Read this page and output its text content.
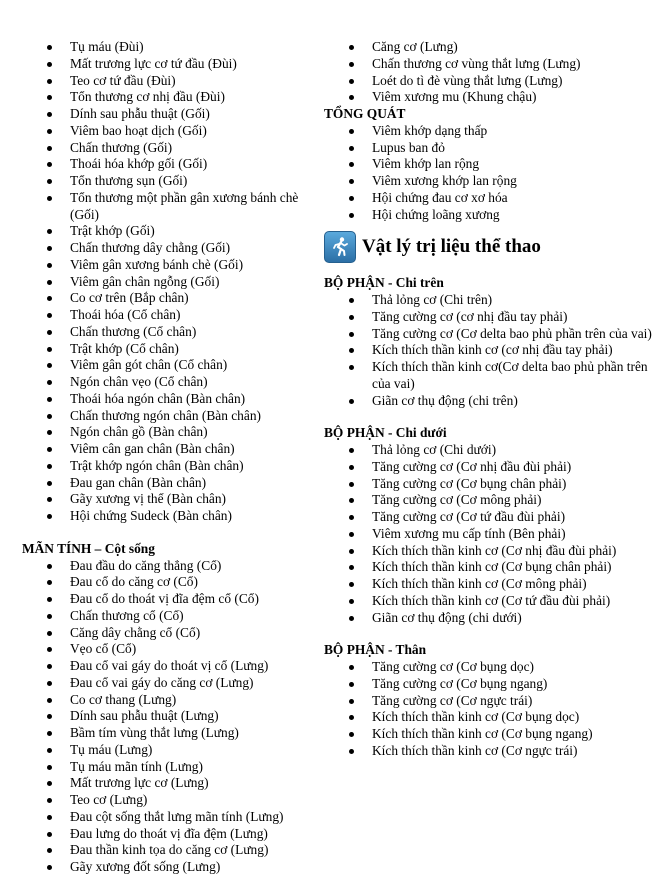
Tụ máu (Đùi)
Mất trương lực cơ tứ đầu (Đùi)
Teo cơ tứ đầu (Đùi)
Tổn thương cơ nhị đầu (Đùi)
Dính sau phẫu thuật (Gối)
Viêm bao hoạt dịch (Gối)
Chấn thương (Gối)
Thoái hóa khớp gối (Gối)
Tổn thương sụn (Gối)
Tổn thương một phần gân xương bánh chè (Gối)
Trật khớp (Gối)
Chấn thương dây chằng (Gối)
Viêm gân xương bánh chè (Gối)
Viêm gân chân ngỗng (Gối)
Co cơ trên (Bắp chân)
Thoái hóa (Cổ chân)
Chấn thương (Cổ chân)
Trật khớp (Cổ chân)
Viêm gân gót chân (Cổ chân)
Ngón chân vẹo (Cổ chân)
Thoái hóa ngón chân (Bàn chân)
Chấn thương ngón chân (Bàn chân)
Ngón chân gồ (Bàn chân)
Viêm cân gan chân (Bàn chân)
Trật khớp ngón chân (Bàn chân)
Đau gan chân (Bàn chân)
Gãy xương vị thể (Bàn chân)
Hội chứng Sudeck (Bàn chân)
MÃN TÍNH – Cột sống
Đau đầu do căng thẳng (Cổ)
Đau cổ do căng cơ (Cổ)
Đau cổ do thoát vị đĩa đệm cổ (Cổ)
Chấn thương cổ (Cổ)
Căng dây chằng cổ (Cổ)
Vẹo cổ (Cổ)
Đau cổ vai gáy do thoát vị cổ (Lưng)
Đau cổ vai gáy do căng cơ (Lưng)
Co cơ thang (Lưng)
Dính sau phẫu thuật (Lưng)
Bầm tím vùng thắt lưng (Lưng)
Tụ máu (Lưng)
Tụ máu mãn tính (Lưng)
Mất trương lực cơ (Lưng)
Teo cơ (Lưng)
Đau cột sống thắt lưng mãn tính (Lưng)
Đau lưng do thoát vị đĩa đệm (Lưng)
Đau thần kinh tọa do căng cơ (Lưng)
Gãy xương đốt sống (Lưng)
Căng cơ (Lưng)
Chấn thương cơ vùng thắt lưng (Lưng)
Loét do tì đè vùng thắt lưng (Lưng)
Viêm xương mu (Khung chậu)
TỔNG QUÁT
Viêm khớp dạng thấp
Lupus ban đỏ
Viêm khớp lan rộng
Viêm xương khớp lan rộng
Hội chứng đau cơ xơ hóa
Hội chứng loãng xương
Vật lý trị liệu thể thao
BỘ PHẬN - Chi trên
Thả lỏng cơ (Chi trên)
Tăng cường cơ (cơ nhị đầu tay phải)
Tăng cường cơ (Cơ delta bao phủ phần trên của vai)
Kích thích thần kinh cơ (cơ nhị đầu tay phải)
Kích thích thần kinh cơ(Cơ delta bao phủ phần trên của vai)
Giãn cơ thụ động (chi trên)
BỘ PHẬN - Chi dưới
Thả lỏng cơ (Chi dưới)
Tăng cường cơ (Cơ nhị đầu đùi phải)
Tăng cường cơ (Cơ bụng chân phải)
Tăng cường cơ (Cơ mông phải)
Tăng cường cơ (Cơ tứ đầu đùi phải)
Viêm xương mu cấp tính (Bên phải)
Kích thích thần kinh cơ (Cơ nhị đầu đùi phải)
Kích thích thần kinh cơ (Cơ bụng chân phải)
Kích thích thần kinh cơ (Cơ mông phải)
Kích thích thần kinh cơ (Cơ tứ đầu đùi phải)
Giãn cơ thụ động (chi dưới)
BỘ PHẬN - Thân
Tăng cường cơ (Cơ bụng dọc)
Tăng cường cơ (Cơ bụng ngang)
Tăng cường cơ (Cơ ngực trái)
Kích thích thần kinh cơ (Cơ bụng dọc)
Kích thích thần kinh cơ (Cơ bụng ngang)
Kích thích thần kinh cơ (Cơ ngực trái)
